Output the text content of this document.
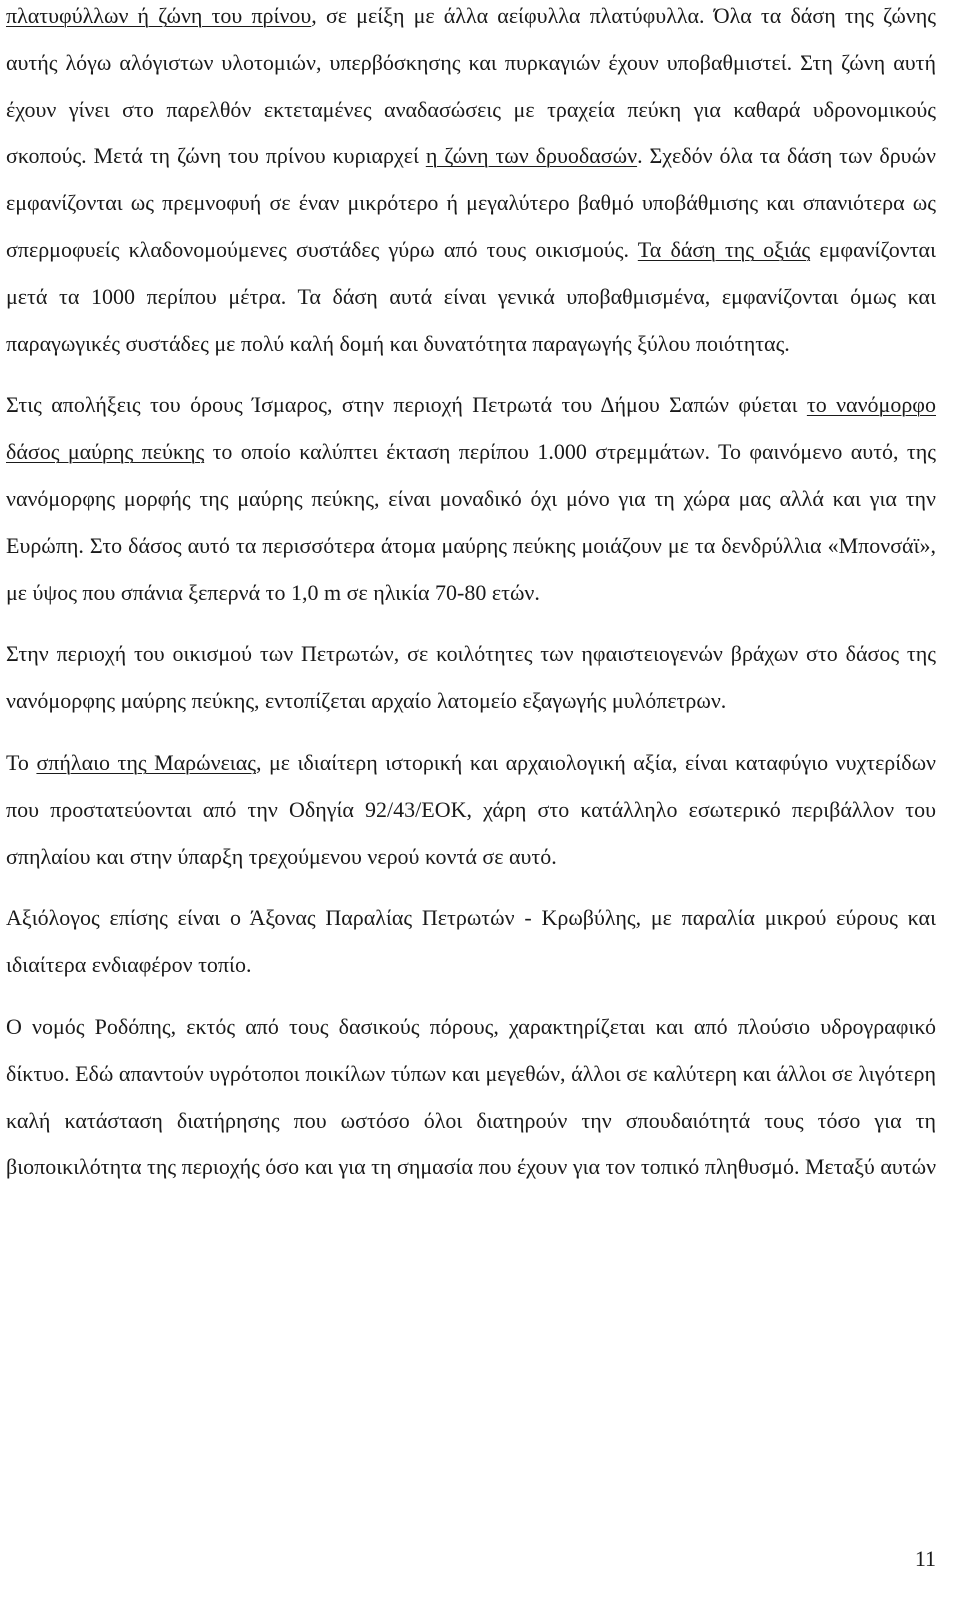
πλατυφύλλων ή ζώνη του πρίνου, σε μείξη με άλλα αείφυλλα πλατύφυλλα. Όλα τα δάση της ζώνης αυτής λόγω αλόγιστων υλοτομιών, υπερβόσκησης και πυρκαγιών έχουν υποβαθμιστεί. Στη ζώνη αυτή έχουν γίνει στο παρελθόν εκτεταμένες αναδασώσεις με τραχεία πεύκη για καθαρά υδρονομικούς σκοπούς. Μετά τη ζώνη του πρίνου κυριαρχεί η ζώνη των δρυοδασών. Σχεδόν όλα τα δάση των δρυών εμφανίζονται ως πρεμνοφυή σε έναν μικρότερο ή μεγαλύτερο βαθμό υποβάθμισης και σπανιότερα ως σπερμοφυείς κλαδονομούμενες συστάδες γύρω από τους οικισμούς. Τα δάση της οξιάς εμφανίζονται μετά τα 1000 περίπου μέτρα. Τα δάση αυτά είναι γενικά υποβαθμισμένα, εμφανίζονται όμως και παραγωγικές συστάδες με πολύ καλή δομή και δυνατότητα παραγωγής ξύλου ποιότητας.

Στις απολήξεις του όρους Ίσμαρος, στην περιοχή Πετρωτά του Δήμου Σαπών φύεται το νανόμορφο δάσος μαύρης πεύκης το οποίο καλύπτει έκταση περίπου 1.000 στρεμμάτων. Το φαινόμενο αυτό, της νανόμορφης μορφής της μαύρης πεύκης, είναι μοναδικό όχι μόνο για τη χώρα μας αλλά και για την Ευρώπη. Στο δάσος αυτό τα περισσότερα άτομα μαύρης πεύκης μοιάζουν με τα δενδρύλλια «Μπονσάϊ», με ύψος που σπάνια ξεπερνά το 1,0 m σε ηλικία 70-80 ετών.

Στην περιοχή του οικισμού των Πετρωτών, σε κοιλότητες των ηφαιστειογενών βράχων στο δάσος της νανόμορφης μαύρης πεύκης, εντοπίζεται αρχαίο λατομείο εξαγωγής μυλόπετρων.

Το σπήλαιο της Μαρώνειας, με ιδιαίτερη ιστορική και αρχαιολογική αξία, είναι καταφύγιο νυχτερίδων που προστατεύονται από την Οδηγία 92/43/ΕΟΚ, χάρη στο κατάλληλο εσωτερικό περιβάλλον του σπηλαίου και στην ύπαρξη τρεχούμενου νερού κοντά σε αυτό.

Αξιόλογος επίσης είναι ο Άξονας Παραλίας Πετρωτών - Κρωβύλης, με παραλία μικρού εύρους και ιδιαίτερα ενδιαφέρον τοπίο.

Ο νομός Ροδόπης, εκτός από τους δασικούς πόρους, χαρακτηρίζεται και από πλούσιο υδρογραφικό δίκτυο. Εδώ απαντούν υγρότοποι ποικίλων τύπων και μεγεθών, άλλοι σε καλύτερη και άλλοι σε λιγότερη καλή κατάσταση διατήρησης που ωστόσο όλοι διατηρούν την σπουδαιότητά τους τόσο για τη βιοποικιλότητα της περιοχής όσο και για τη σημασία που έχουν για τον τοπικό πληθυσμό. Μεταξύ αυτών

11
